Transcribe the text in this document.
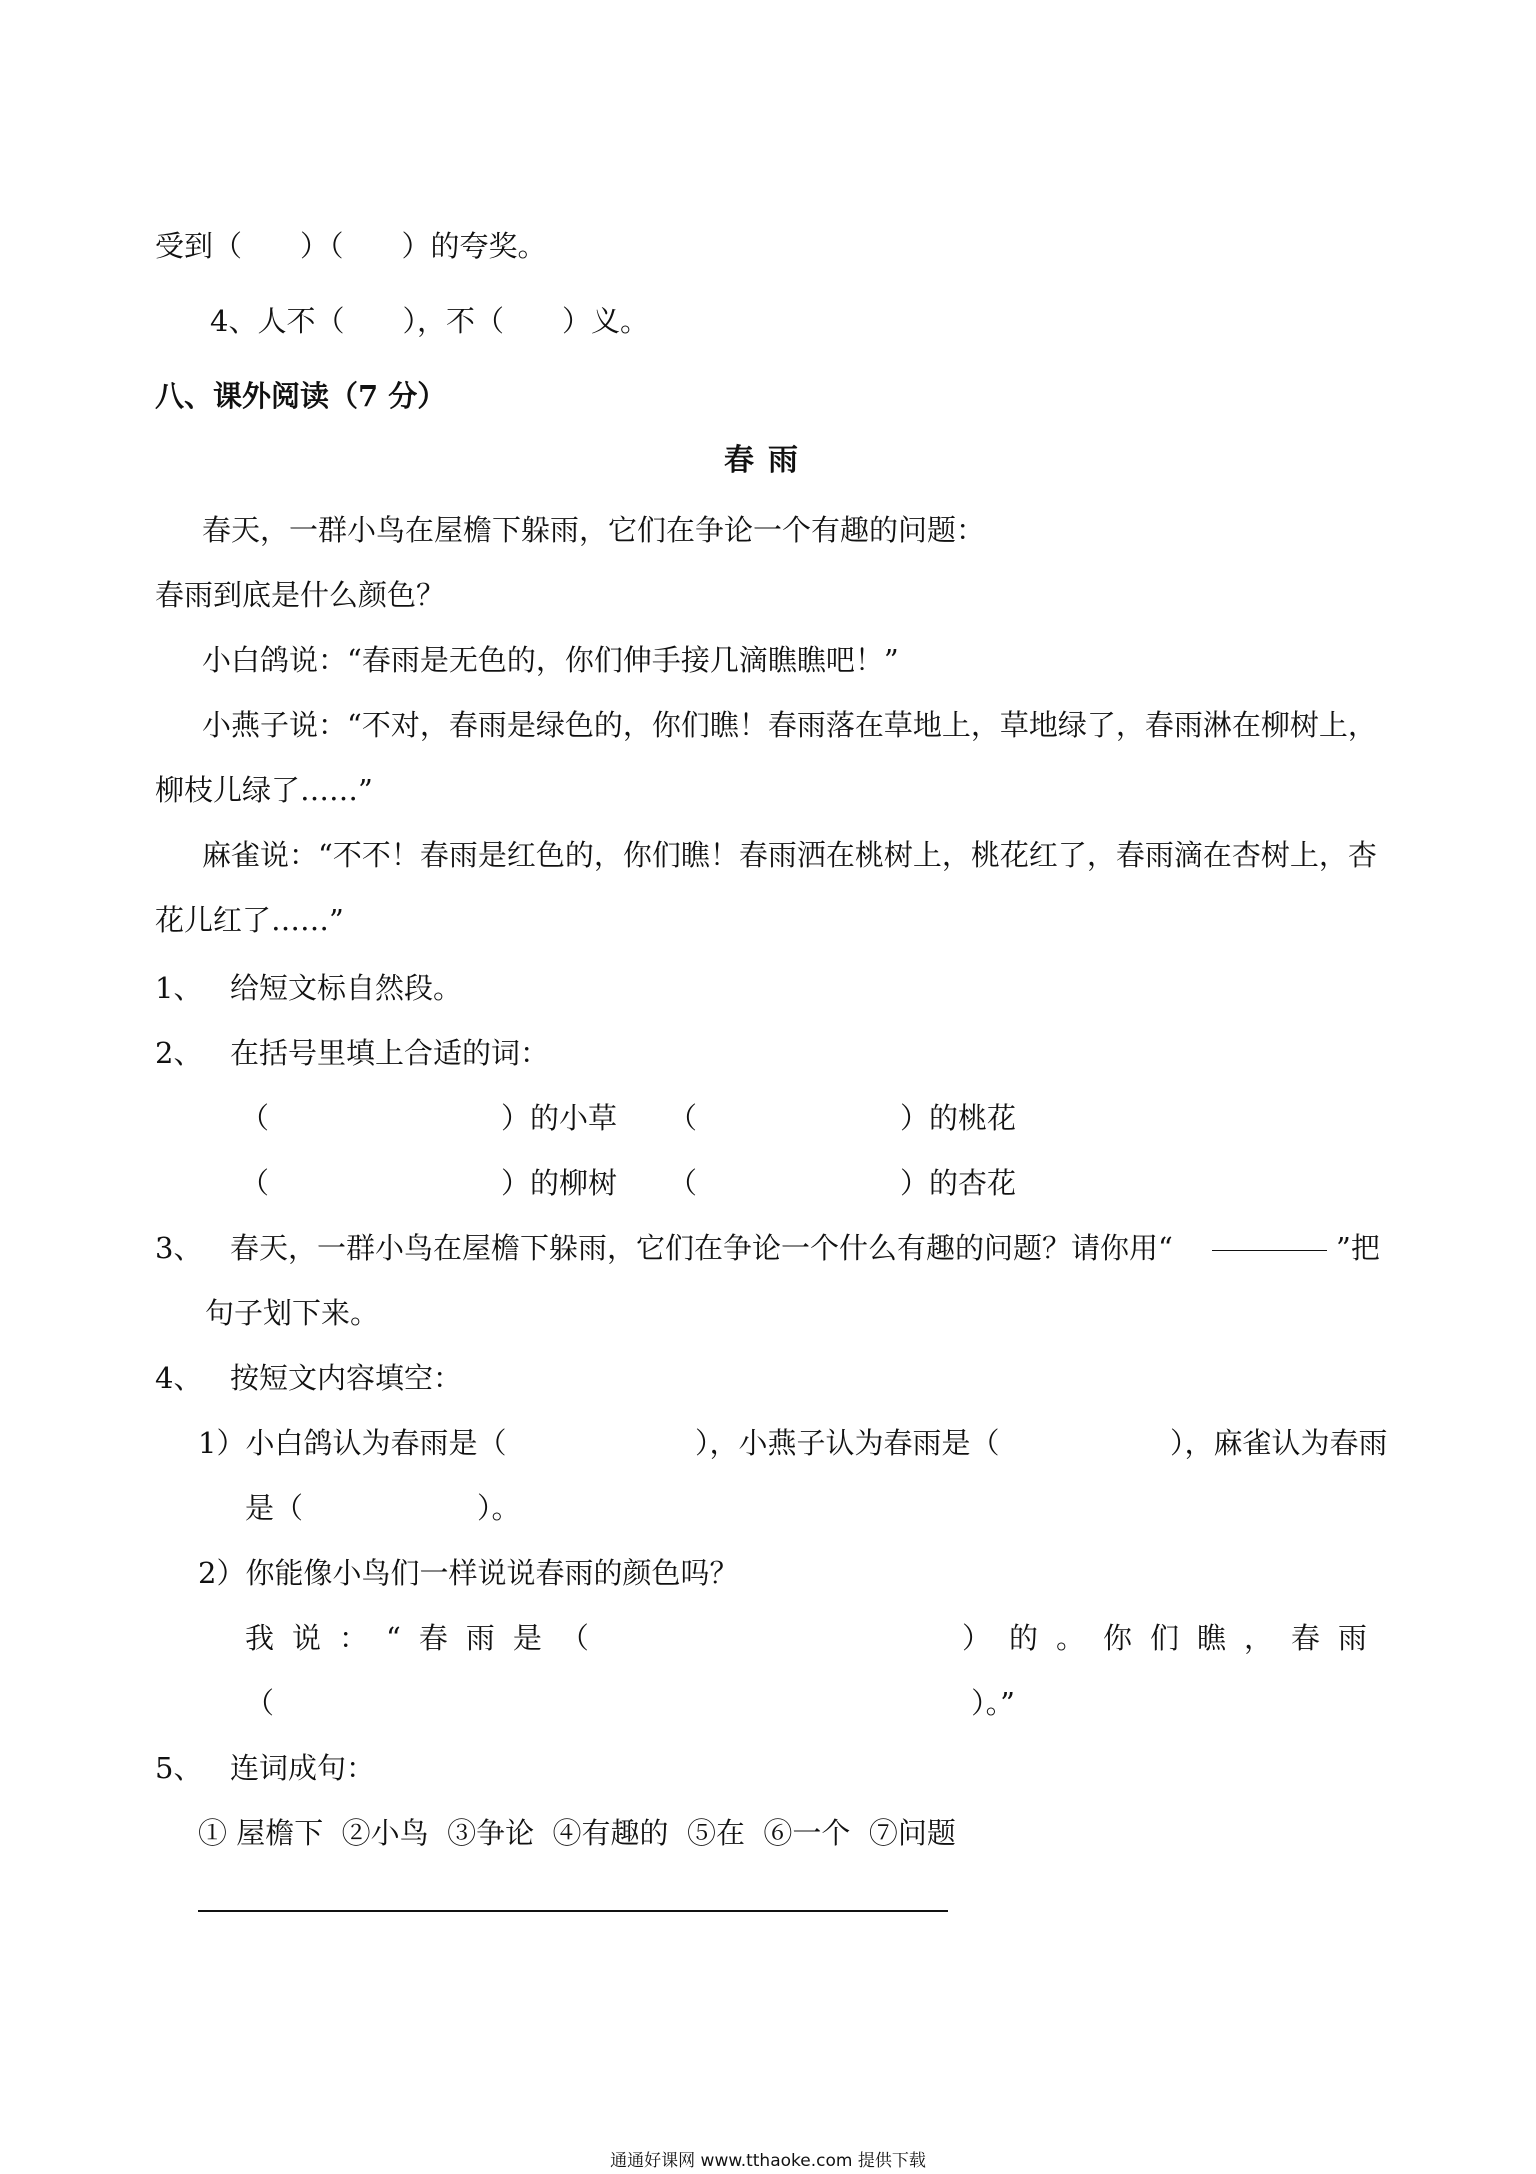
受到（　　）（　　）的夸奖。
4、人不（　　），不（　　）义。
八、课外阅读（7 分）
春雨
春天，一群小鸟在屋檐下躲雨，它们在争论一个有趣的问题：
春雨到底是什么颜色？
小白鸽说：“春雨是无色的，你们伸手接几滴瞧瞧吧！”
小燕子说：“不对，春雨是绿色的，你们瞧！春雨落在草地上，草地绿了，春雨淋在柳树上，
柳枝儿绿了……”
麻雀说：“不不！春雨是红色的，你们瞧！春雨洒在桃树上，桃花红了，春雨滴在杏树上，杏
花儿红了……”
1、 给短文标自然段。
2、 在括号里填上合适的词：
（　　　　　　　　）的小草 （　　　　　　　）的桃花
（　　　　　　　　）的柳树 （　　　　　　　）的杏花
3、 春天，一群小鸟在屋檐下躲雨，它们在争论一个什么有趣的问题？请你用“	”把
句子划下来。
4、 按短文内容填空：
1）小白鸽认为春雨是（	），小燕子认为春雨是（	），麻雀认为春雨
是（　　　　　　）。
2）你能像小鸟们一样说说春雨的颜色吗？
我说：“春雨是（	）的。你们瞧，春雨
（	）。”
5、 连词成句：
① 屋檐下  ②小鸟  ③争论  ④有趣的  ⑤在  ⑥一个  ⑦问题
通通好课网 www.tthaoke.com 提供下载
